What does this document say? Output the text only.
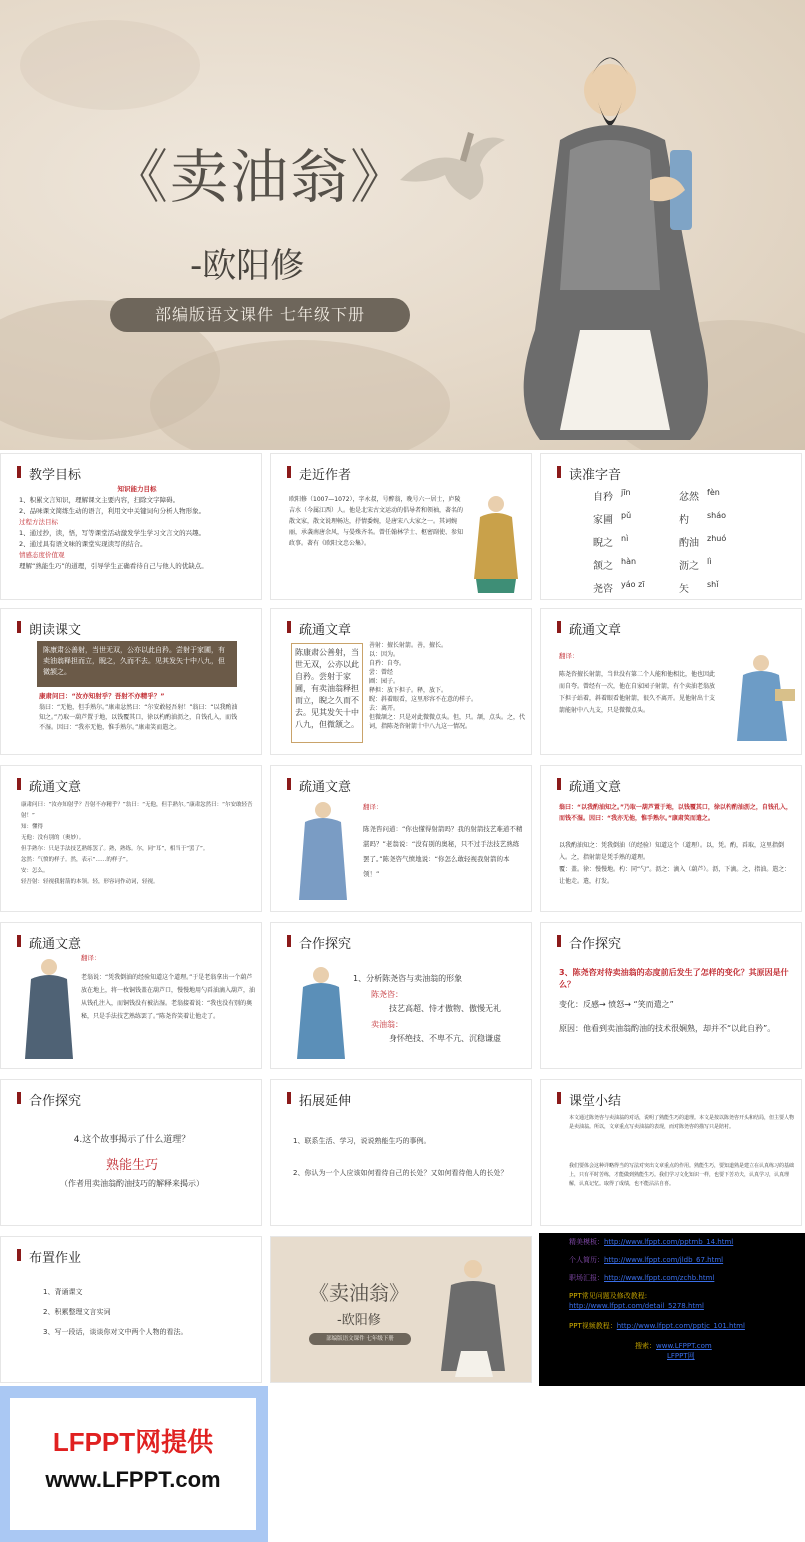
《卖油翁》
-欧阳修
部编版语文课件 七年级下册
教学目标
知识能力目标
1、积累文言知识，理解课文主要内容，扫除文字障碍。
2、品味课文简练生动的语言，利用文中关键词句分析人物形象。
过程方法目标
1、通过抄，读，悟，写等课堂活动激发学生学习文言文的兴趣。
2、通过具有语文味的课堂实现读写的结合。
情感态度价值观
理解“熟能生巧”的道理，引导学生正确看待自己与他人的优缺点。
走近作者
欧阳修（1007—1072），字永叔，号醉翁，晚号六一居士，庐陵吉水（今属江西）人。他是北宋古文运动的倡导者和领袖，著名的散文家，散文说理畅达，抒情委婉，是唐宋八大家之一。其词婉丽，承袭南唐余风，与晏殊齐名。曾任翰林学士、枢密副使、参知政事。著有《欧阳文忠公集》。
读准字音
自矜	jīn	忿然	fèn
家圃	pǔ	杓	sháo
睨之	nì	酌油	zhuó
颔之	hàn	沥之	lì
尧咨	yáo zī	矢	shǐ
朗读课文
陈康肃公善射，当世无双，公亦以此自矜。尝射于家圃，有卖油翁释担而立，睨之，久而不去。见其发矢十中八九，但微颔之。
康肃问曰：“汝亦知射乎？吾射不亦精乎？”
翁曰：“无他，但手熟尔。”康肃忿然曰：“尔安敢轻吾射！”翁曰：“以我酌油知之。”乃取一葫芦置于地，以钱覆其口，徐以杓酌油沥之，自钱孔入，而钱不湿。因曰：“我亦无他，惟手熟尔。”康肃笑而遣之。
疏通文章
陈康肃公善射，当世无双，公亦以此自矜。尝射于家圃，有卖油翁释担而立，睨之久而不去。见其发矢十中八九，但微颔之。
善射：擅长射箭。善，擅长。
以：因为。
自矜：自夸。
尝：曾经
圃：园子。
释担：放下担子。释，放下。
睨：斜着眼看，这里形容不在意的样子。
去：离开。
但微颔之：只是对此微微点头。但，只。颔，点头。之，代词，指陈尧咨射箭十中八九这一情况。
疏通文章
翻译：
陈尧咨擅长射箭，当世没有第二个人能和他相比，他也因此而自夸。曾经有一次，他在自家园子射箭，有个卖油老翁放下担子站着，斜着眼看他射箭，很久不离开。见他射出十支箭能射中八九支，只是微微点头。
疏通文意
康肃问曰：“汝亦知射乎？吾射不亦精乎？”翁曰：“无他，但手熟尔。”康肃忿然曰：“尔安敢轻吾射！”
知：懂得
无他：没有别的（奥妙）。
但手熟尔：只是手法技艺熟练罢了。熟，熟练。尔，同“耳”，相当于“罢了”。
忿然：气愤的样子。然，表示“……的样子”。
安：怎么。
轻吾射：轻视我射箭的本领。轻，形容词作动词，轻视。
疏通文意
翻译：
陈尧咨问道：“你也懂得射箭吗？我的射箭技艺难道不精湛吗？”老翁说：“没有别的奥秘，只不过手法技艺熟练罢了。”陈尧咨气愤地说：“你怎么敢轻视我射箭的本领！”
疏通文意
翁曰：“以我酌油知之。”乃取一葫芦置于地，以钱覆其口，徐以杓酌油沥之，自钱孔入，而钱不湿。因曰：“我亦无他，惟手熟尔。”康肃笑而遣之。
以我酌油知之：凭我倒油（的经验）知道这个（道理）。以，凭。酌，舀取，这里指倒入。之，指射箭是凭手熟的道理。
覆：盖。徐：慢慢地。杓：同“勺”。沥之：滴入（葫芦）。沥，下滴。之，指油。遣之：让他走。遣，打发。
疏通文意
翻译：
老翁说：“凭我倒油的经验知道这个道理。”于是老翁拿出一个葫芦放在地上，将一枚铜钱盖在葫芦口，慢慢地用勺舀油滴入葫芦，油从钱孔注入，而铜钱没有被沾湿。老翁接着说：“我也没有别的奥秘，只是手法技艺熟练罢了。”陈尧咨笑着让他走了。
合作探究
1、分析陈尧咨与卖油翁的形象
陈尧咨：
技艺高超、恃才傲物、傲慢无礼
卖油翁：
身怀绝技、不卑不亢、沉稳谦虚
合作探究
3、陈尧咨对待卖油翁的态度前后发生了怎样的变化？其原因是什么？
变化：反感→ 愤怒→ “笑而遣之”
原因：他看到卖油翁酌油的技术很娴熟，却并不“以此自矜”。
合作探究
4.这个故事揭示了什么道理？
熟能生巧
（作者用卖油翁酌油技巧的解释来揭示）
拓展延伸
1、联系生活、学习，说说熟能生巧的事例。
2、你认为一个人应该如何看待自己的长处？又如何看待他人的长处？
课堂小结
本文通过陈尧咨与卖油翁的对话，说明了熟能生巧的道理。本文是按以陈尧咨开头和结局，但主要人物是卖油翁。所以，文章重点写卖油翁的表现，而对陈尧咨的描写只是陪衬。
我们要体会这种详略得当的写法对突出文章重点的作用。熟能生巧，要知道熟是建立在认真练习的基础上，只有平时苦练，才能做到熟能生巧。我们学习文化知识一样，也要下苦功夫，认真学习，认真理解，认真记忆。取得了成绩，也不能沾沾自喜。
布置作业
1、背诵课文
2、积累整理文言实词
3、写一段话，谈谈你对文中两个人物的看法。
《卖油翁》
-欧阳修
部编版语文课件 七年级下册
精美模板：http://www.lfppt.com/pptmb_14.html
个人简历：http://www.lfppt.com/jldb_67.html
职场汇报：http://www.lfppt.com/zchb.html
PPT常见问题及修改教程:
http://www.lfppt.com/detail_5278.html
PPT视频教程：http://www.lfppt.com/pptjc_101.html
搜索：www.LFPPT.com
LFPPT网
LFPPT网提供
www.LFPPT.com
